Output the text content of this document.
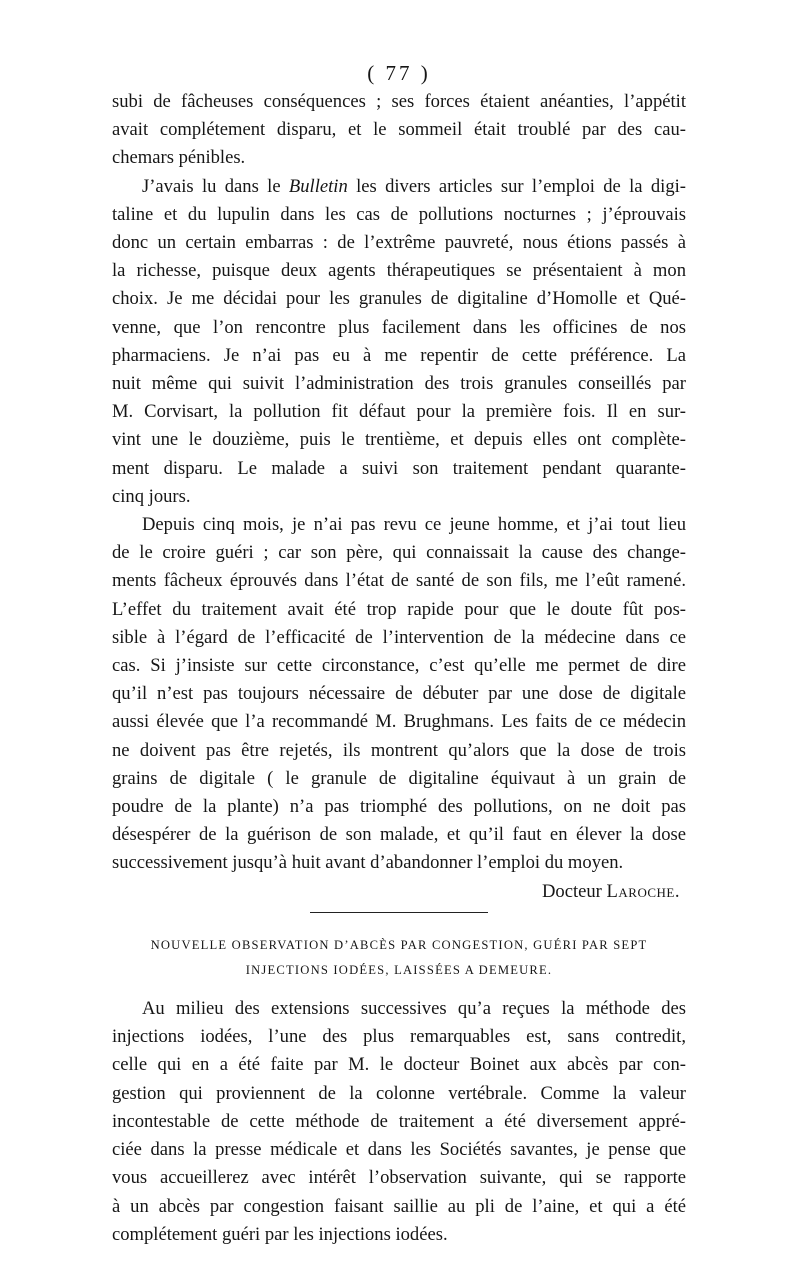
( 77 )
subi de fâcheuses conséquences ; ses forces étaient anéanties, l’appétit
avait complétement disparu, et le sommeil était troublé par des cau-
chemars pénibles.
J’avais lu dans le Bulletin les divers articles sur l’emploi de la digi-
taline et du lupulin dans les cas de pollutions nocturnes ; j’éprouvais
donc un certain embarras : de l’extrême pauvreté, nous étions passés à
la richesse, puisque deux agents thérapeutiques se présentaient à mon
choix. Je me décidai pour les granules de digitaline d’Homolle et Qué-
venne, que l’on rencontre plus facilement dans les officines de nos
pharmaciens. Je n’ai pas eu à me repentir de cette préférence. La
nuit même qui suivit l’administration des trois granules conseillés par
M. Corvisart, la pollution fit défaut pour la première fois. Il en sur-
vint une le douzième, puis le trentième, et depuis elles ont complète-
ment disparu. Le malade a suivi son traitement pendant quarante-
cinq jours.
Depuis cinq mois, je n’ai pas revu ce jeune homme, et j’ai tout lieu
de le croire guéri ; car son père, qui connaissait la cause des change-
ments fâcheux éprouvés dans l’état de santé de son fils, me l’eût ramené.
L’effet du traitement avait été trop rapide pour que le doute fût pos-
sible à l’égard de l’efficacité de l’intervention de la médecine dans ce
cas. Si j’insiste sur cette circonstance, c’est qu’elle me permet de dire
qu’il n’est pas toujours nécessaire de débuter par une dose de digitale
aussi élevée que l’a recommandé M. Brughmans. Les faits de ce médecin
ne doivent pas être rejetés, ils montrent qu’alors que la dose de trois
grains de digitale ( le granule de digitaline équivaut à un grain de
poudre de la plante) n’a pas triomphé des pollutions, on ne doit pas
désespérer de la guérison de son malade, et qu’il faut en élever la dose
successivement jusqu’à huit avant d’abandonner l’emploi du moyen.
Docteur Laroche.
NOUVELLE OBSERVATION D’ABCÈS PAR CONGESTION, GUÉRI PAR SEPT
INJECTIONS IODÉES, LAISSÉES A DEMEURE.
Au milieu des extensions successives qu’a reçues la méthode des
injections iodées, l’une des plus remarquables est, sans contredit,
celle qui en a été faite par M. le docteur Boinet aux abcès par con-
gestion qui proviennent de la colonne vertébrale. Comme la valeur
incontestable de cette méthode de traitement a été diversement appré-
ciée dans la presse médicale et dans les Sociétés savantes, je pense que
vous accueillerez avec intérêt l’observation suivante, qui se rapporte
à un abcès par congestion faisant saillie au pli de l’aine, et qui a été
complétement guéri par les injections iodées.
